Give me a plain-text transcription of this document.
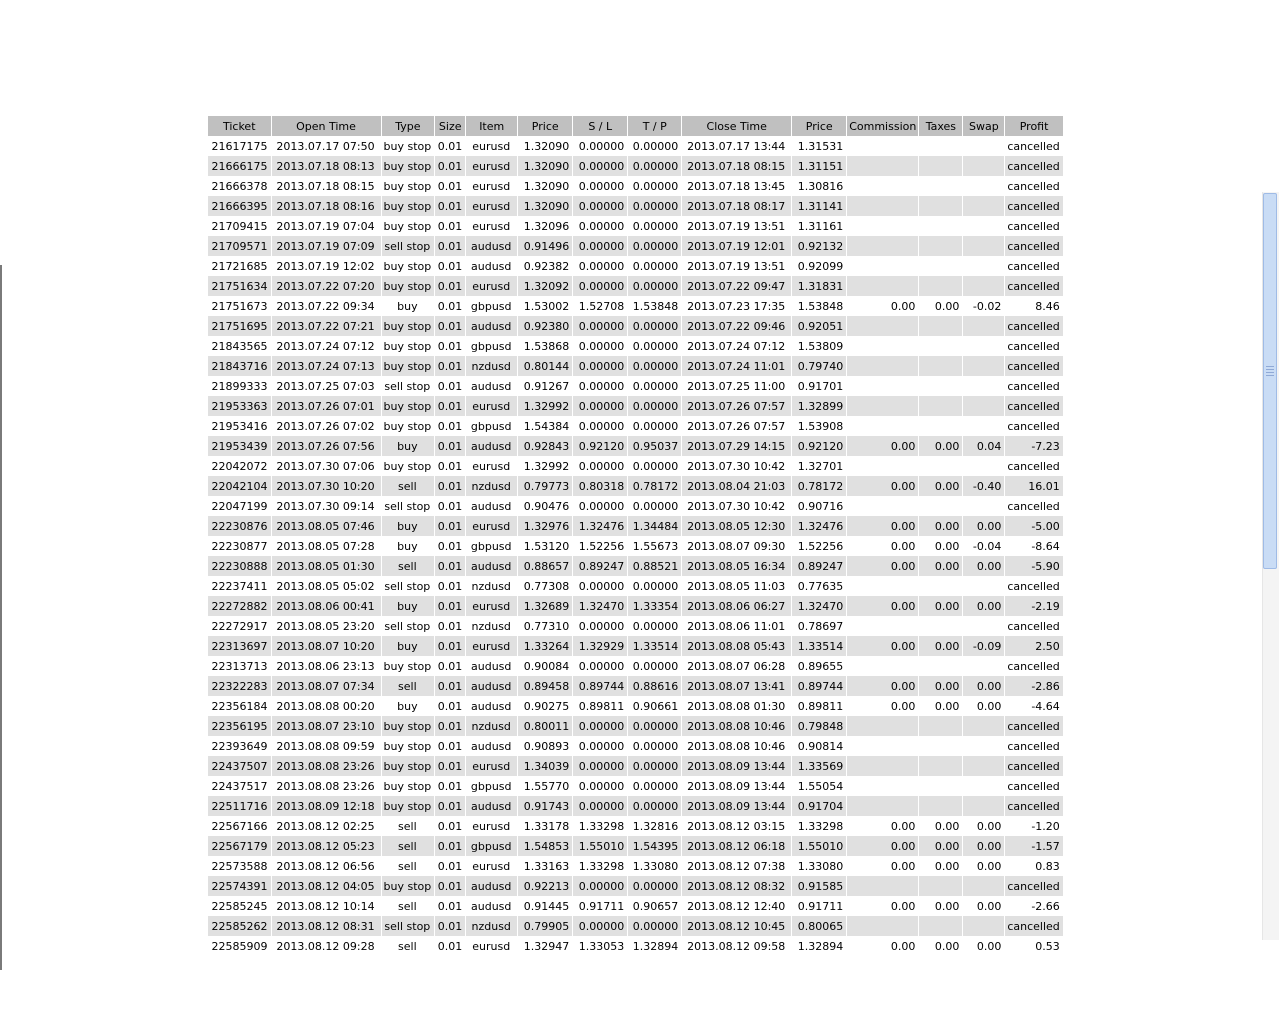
Ticket	Open Time	Type	Size	Item	Price	S / L	T / P	Close Time	Price	Commission	Taxes	Swap	Profit
21617175	2013.07.17 07:50	buy stop	0.01	eurusd	1.32090	0.00000	0.00000	2013.07.17 13:44	1.31531				cancelled
21666175	2013.07.18 08:13	buy stop	0.01	eurusd	1.32090	0.00000	0.00000	2013.07.18 08:15	1.31151				cancelled
21666378	2013.07.18 08:15	buy stop	0.01	eurusd	1.32090	0.00000	0.00000	2013.07.18 13:45	1.30816				cancelled
21666395	2013.07.18 08:16	buy stop	0.01	eurusd	1.32090	0.00000	0.00000	2013.07.18 08:17	1.31141				cancelled
21709415	2013.07.19 07:04	buy stop	0.01	eurusd	1.32096	0.00000	0.00000	2013.07.19 13:51	1.31161				cancelled
21709571	2013.07.19 07:09	sell stop	0.01	audusd	0.91496	0.00000	0.00000	2013.07.19 12:01	0.92132				cancelled
21721685	2013.07.19 12:02	buy stop	0.01	audusd	0.92382	0.00000	0.00000	2013.07.19 13:51	0.92099				cancelled
21751634	2013.07.22 07:20	buy stop	0.01	eurusd	1.32092	0.00000	0.00000	2013.07.22 09:47	1.31831				cancelled
21751673	2013.07.22 09:34	buy	0.01	gbpusd	1.53002	1.52708	1.53848	2013.07.23 17:35	1.53848	0.00	0.00	-0.02	8.46
21751695	2013.07.22 07:21	buy stop	0.01	audusd	0.92380	0.00000	0.00000	2013.07.22 09:46	0.92051				cancelled
21843565	2013.07.24 07:12	buy stop	0.01	gbpusd	1.53868	0.00000	0.00000	2013.07.24 07:12	1.53809				cancelled
21843716	2013.07.24 07:13	buy stop	0.01	nzdusd	0.80144	0.00000	0.00000	2013.07.24 11:01	0.79740				cancelled
21899333	2013.07.25 07:03	sell stop	0.01	audusd	0.91267	0.00000	0.00000	2013.07.25 11:00	0.91701				cancelled
21953363	2013.07.26 07:01	buy stop	0.01	eurusd	1.32992	0.00000	0.00000	2013.07.26 07:57	1.32899				cancelled
21953416	2013.07.26 07:02	buy stop	0.01	gbpusd	1.54384	0.00000	0.00000	2013.07.26 07:57	1.53908				cancelled
21953439	2013.07.26 07:56	buy	0.01	audusd	0.92843	0.92120	0.95037	2013.07.29 14:15	0.92120	0.00	0.00	0.04	-7.23
22042072	2013.07.30 07:06	buy stop	0.01	eurusd	1.32992	0.00000	0.00000	2013.07.30 10:42	1.32701				cancelled
22042104	2013.07.30 10:20	sell	0.01	nzdusd	0.79773	0.80318	0.78172	2013.08.04 21:03	0.78172	0.00	0.00	-0.40	16.01
22047199	2013.07.30 09:14	sell stop	0.01	audusd	0.90476	0.00000	0.00000	2013.07.30 10:42	0.90716				cancelled
22230876	2013.08.05 07:46	buy	0.01	eurusd	1.32976	1.32476	1.34484	2013.08.05 12:30	1.32476	0.00	0.00	0.00	-5.00
22230877	2013.08.05 07:28	buy	0.01	gbpusd	1.53120	1.52256	1.55673	2013.08.07 09:30	1.52256	0.00	0.00	-0.04	-8.64
22230888	2013.08.05 01:30	sell	0.01	audusd	0.88657	0.89247	0.88521	2013.08.05 16:34	0.89247	0.00	0.00	0.00	-5.90
22237411	2013.08.05 05:02	sell stop	0.01	nzdusd	0.77308	0.00000	0.00000	2013.08.05 11:03	0.77635				cancelled
22272882	2013.08.06 00:41	buy	0.01	eurusd	1.32689	1.32470	1.33354	2013.08.06 06:27	1.32470	0.00	0.00	0.00	-2.19
22272917	2013.08.05 23:20	sell stop	0.01	nzdusd	0.77310	0.00000	0.00000	2013.08.06 11:01	0.78697				cancelled
22313697	2013.08.07 10:20	buy	0.01	eurusd	1.33264	1.32929	1.33514	2013.08.08 05:43	1.33514	0.00	0.00	-0.09	2.50
22313713	2013.08.06 23:13	buy stop	0.01	audusd	0.90084	0.00000	0.00000	2013.08.07 06:28	0.89655				cancelled
22322283	2013.08.07 07:34	sell	0.01	audusd	0.89458	0.89744	0.88616	2013.08.07 13:41	0.89744	0.00	0.00	0.00	-2.86
22356184	2013.08.08 00:20	buy	0.01	audusd	0.90275	0.89811	0.90661	2013.08.08 01:30	0.89811	0.00	0.00	0.00	-4.64
22356195	2013.08.07 23:10	buy stop	0.01	nzdusd	0.80011	0.00000	0.00000	2013.08.08 10:46	0.79848				cancelled
22393649	2013.08.08 09:59	buy stop	0.01	audusd	0.90893	0.00000	0.00000	2013.08.08 10:46	0.90814				cancelled
22437507	2013.08.08 23:26	buy stop	0.01	eurusd	1.34039	0.00000	0.00000	2013.08.09 13:44	1.33569				cancelled
22437517	2013.08.08 23:26	buy stop	0.01	gbpusd	1.55770	0.00000	0.00000	2013.08.09 13:44	1.55054				cancelled
22511716	2013.08.09 12:18	buy stop	0.01	audusd	0.91743	0.00000	0.00000	2013.08.09 13:44	0.91704				cancelled
22567166	2013.08.12 02:25	sell	0.01	eurusd	1.33178	1.33298	1.32816	2013.08.12 03:15	1.33298	0.00	0.00	0.00	-1.20
22567179	2013.08.12 05:23	sell	0.01	gbpusd	1.54853	1.55010	1.54395	2013.08.12 06:18	1.55010	0.00	0.00	0.00	-1.57
22573588	2013.08.12 06:56	sell	0.01	eurusd	1.33163	1.33298	1.33080	2013.08.12 07:38	1.33080	0.00	0.00	0.00	0.83
22574391	2013.08.12 04:05	buy stop	0.01	audusd	0.92213	0.00000	0.00000	2013.08.12 08:32	0.91585				cancelled
22585245	2013.08.12 10:14	sell	0.01	audusd	0.91445	0.91711	0.90657	2013.08.12 12:40	0.91711	0.00	0.00	0.00	-2.66
22585262	2013.08.12 08:31	sell stop	0.01	nzdusd	0.79905	0.00000	0.00000	2013.08.12 10:45	0.80065				cancelled
22585909	2013.08.12 09:28	sell	0.01	eurusd	1.32947	1.33053	1.32894	2013.08.12 09:58	1.32894	0.00	0.00	0.00	0.53
